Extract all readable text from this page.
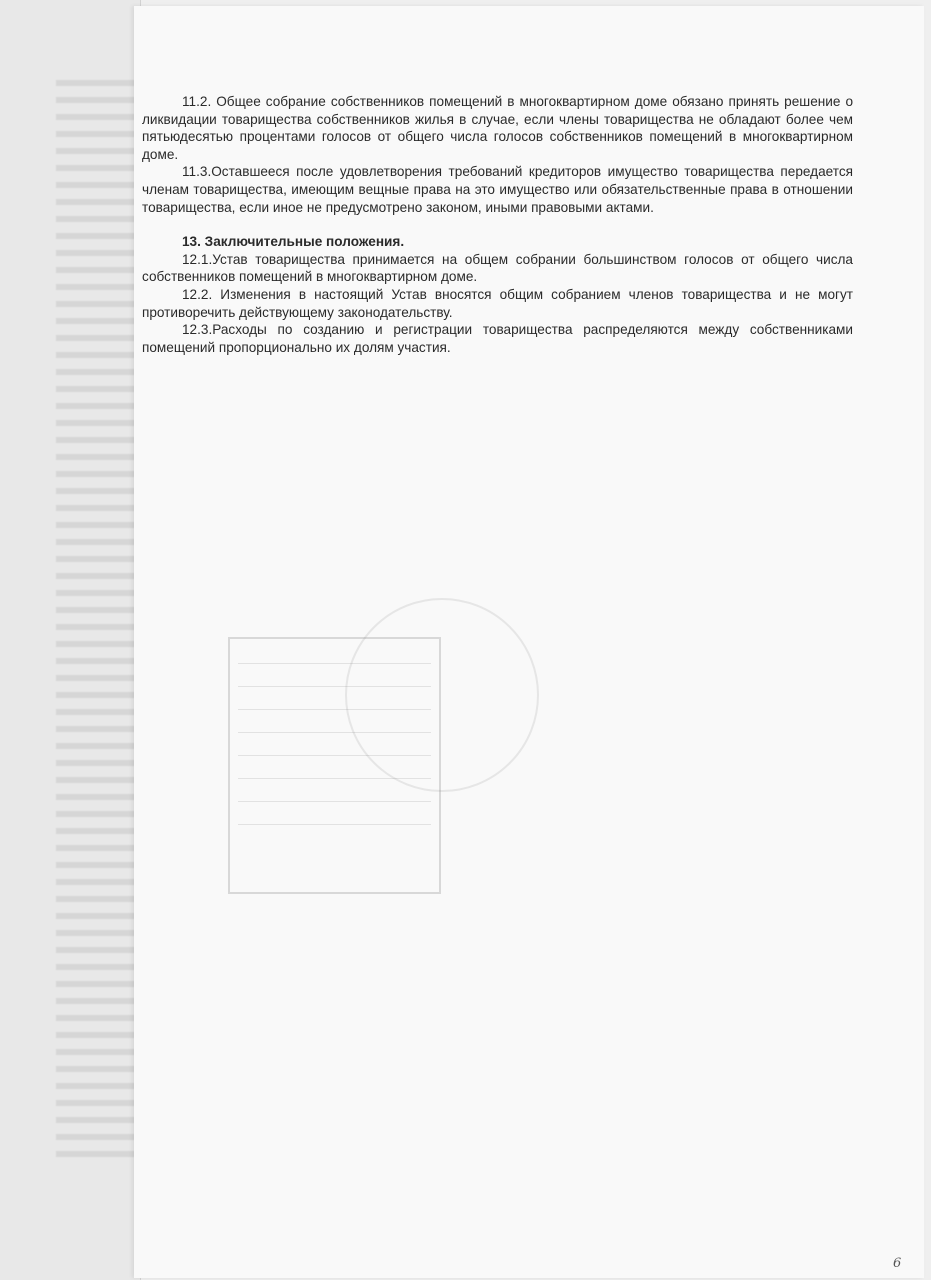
11.2. Общее собрание собственников помещений в многоквартирном доме обязано принять решение о ликвидации товарищества собственников жилья в случае, если члены товарищества не обладают более чем пятьюдесятью процентами голосов от общего числа голосов собственников помещений в многоквартирном доме.

11.3.Оставшееся после удовлетворения требований кредиторов имущество товарищества передается членам товарищества, имеющим вещные права на это имущество или обязательственные права в отношении товарищества, если иное не предусмотрено законом, иными правовыми актами.

13. Заключительные положения.

12.1.Устав товарищества принимается на общем собрании большинством голосов от общего числа собственников помещений в многоквартирном доме.

12.2. Изменения в настоящий Устав вносятся общим собранием членов товарищества и не могут противоречить действующему законодательству.

12.3.Расходы по созданию и регистрации товарищества распределяются между собственниками помещений пропорционально их долям участия.

6
